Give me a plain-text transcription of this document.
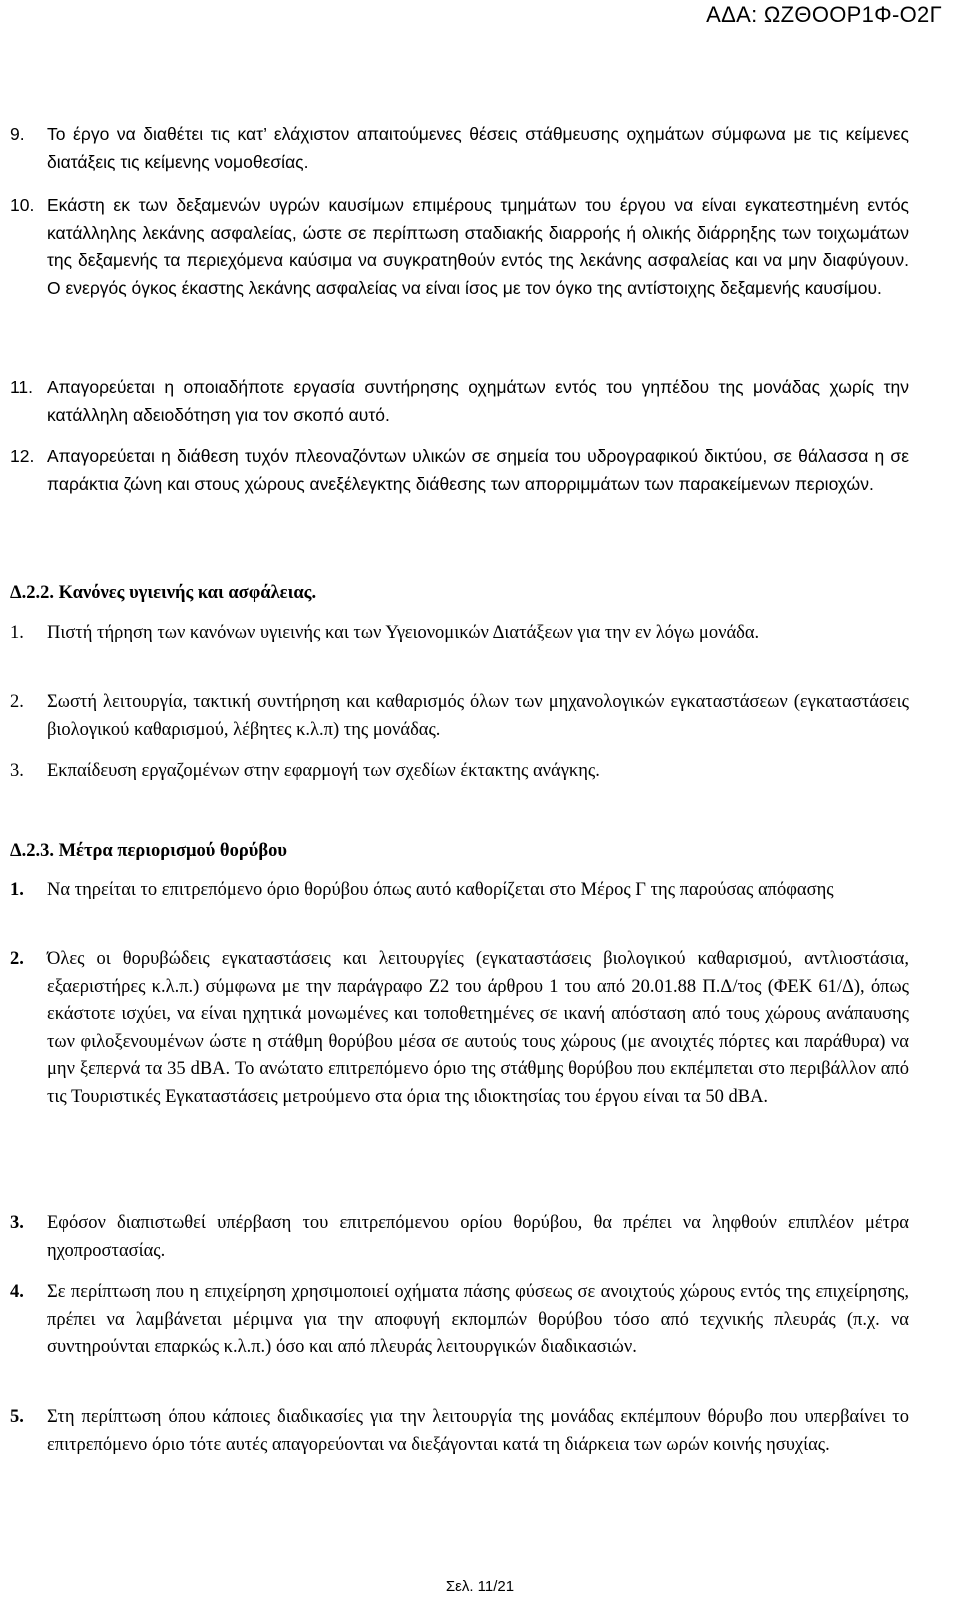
ΑΔΑ: ΩΖΘΟΟΡ1Φ-Ο2Γ
9. Το έργο να διαθέτει τις κατ’ ελάχιστον απαιτούμενες θέσεις στάθμευσης οχημάτων σύμφωνα με τις κείμενες διατάξεις τις κείμενης νομοθεσίας.
10. Εκάστη εκ των δεξαμενών υγρών καυσίμων επιμέρους τμημάτων του έργου να είναι εγκατεστημένη εντός κατάλληλης λεκάνης ασφαλείας, ώστε σε περίπτωση σταδιακής διαρροής ή ολικής διάρρηξης των τοιχωμάτων της δεξαμενής τα περιεχόμενα καύσιμα να συγκρατηθούν εντός της λεκάνης ασφαλείας και να μην διαφύγουν. Ο ενεργός όγκος έκαστης λεκάνης ασφαλείας να είναι ίσος με τον όγκο της αντίστοιχης δεξαμενής καυσίμου.
11. Απαγορεύεται η οποιαδήποτε εργασία συντήρησης οχημάτων εντός του γηπέδου της μονάδας χωρίς την κατάλληλη αδειοδότηση για τον σκοπό αυτό.
12. Απαγορεύεται η διάθεση τυχόν πλεοναζόντων υλικών σε σημεία του υδρογραφικού δικτύου, σε θάλασσα η σε παράκτια ζώνη και στους χώρους ανεξέλεγκτης διάθεσης των απορριμμάτων των παρακείμενων περιοχών.
Δ.2.2. Κανόνες υγιεινής και ασφάλειας.
1. Πιστή τήρηση των κανόνων υγιεινής και των Υγειονομικών Διατάξεων για την εν λόγω μονάδα.
2. Σωστή λειτουργία, τακτική συντήρηση και καθαρισμός όλων των μηχανολογικών εγκαταστάσεων (εγκαταστάσεις βιολογικού καθαρισμού, λέβητες κ.λ.π) της μονάδας.
3. Εκπαίδευση εργαζομένων στην εφαρμογή των σχεδίων έκτακτης ανάγκης.
Δ.2.3. Μέτρα περιορισμού θορύβου
1. Να τηρείται το επιτρεπόμενο όριο θορύβου όπως αυτό καθορίζεται στο Μέρος Γ της παρούσας απόφασης
2. Όλες οι θορυβώδεις εγκαταστάσεις και λειτουργίες (εγκαταστάσεις βιολογικού καθαρισμού, αντλιοστάσια, εξαεριστήρες κ.λ.π.) σύμφωνα με την παράγραφο Ζ2 του άρθρου 1 του από 20.01.88 Π.Δ/τος (ΦΕΚ 61/Δ), όπως εκάστοτε ισχύει, να είναι ηχητικά μονωμένες και τοποθετημένες σε ικανή απόσταση από τους χώρους ανάπαυσης των φιλοξενουμένων ώστε η στάθμη θορύβου μέσα σε αυτούς τους χώρους (με ανοιχτές πόρτες και παράθυρα) να μην ξεπερνά τα 35 dBA. Το ανώτατο επιτρεπόμενο όριο της στάθμης θορύβου που εκπέμπεται στο περιβάλλον από τις Τουριστικές Εγκαταστάσεις μετρούμενο στα όρια της ιδιοκτησίας του έργου είναι τα 50 dBA.
3. Εφόσον διαπιστωθεί υπέρβαση του επιτρεπόμενου ορίου θορύβου, θα πρέπει να ληφθούν επιπλέον μέτρα ηχοπροστασίας.
4. Σε περίπτωση που η επιχείρηση χρησιμοποιεί οχήματα πάσης φύσεως σε ανοιχτούς χώρους εντός της επιχείρησης, πρέπει να λαμβάνεται μέριμνα για την αποφυγή εκπομπών θορύβου τόσο από τεχνικής πλευράς (π.χ. να συντηρούνται επαρκώς κ.λ.π.) όσο και από πλευράς λειτουργικών διαδικασιών.
5. Στη περίπτωση όπου κάποιες διαδικασίες για την λειτουργία της μονάδας εκπέμπουν θόρυβο που υπερβαίνει το επιτρεπόμενο όριο τότε αυτές απαγορεύονται να διεξάγονται κατά τη διάρκεια των ωρών κοινής ησυχίας.
Σελ. 11/21
